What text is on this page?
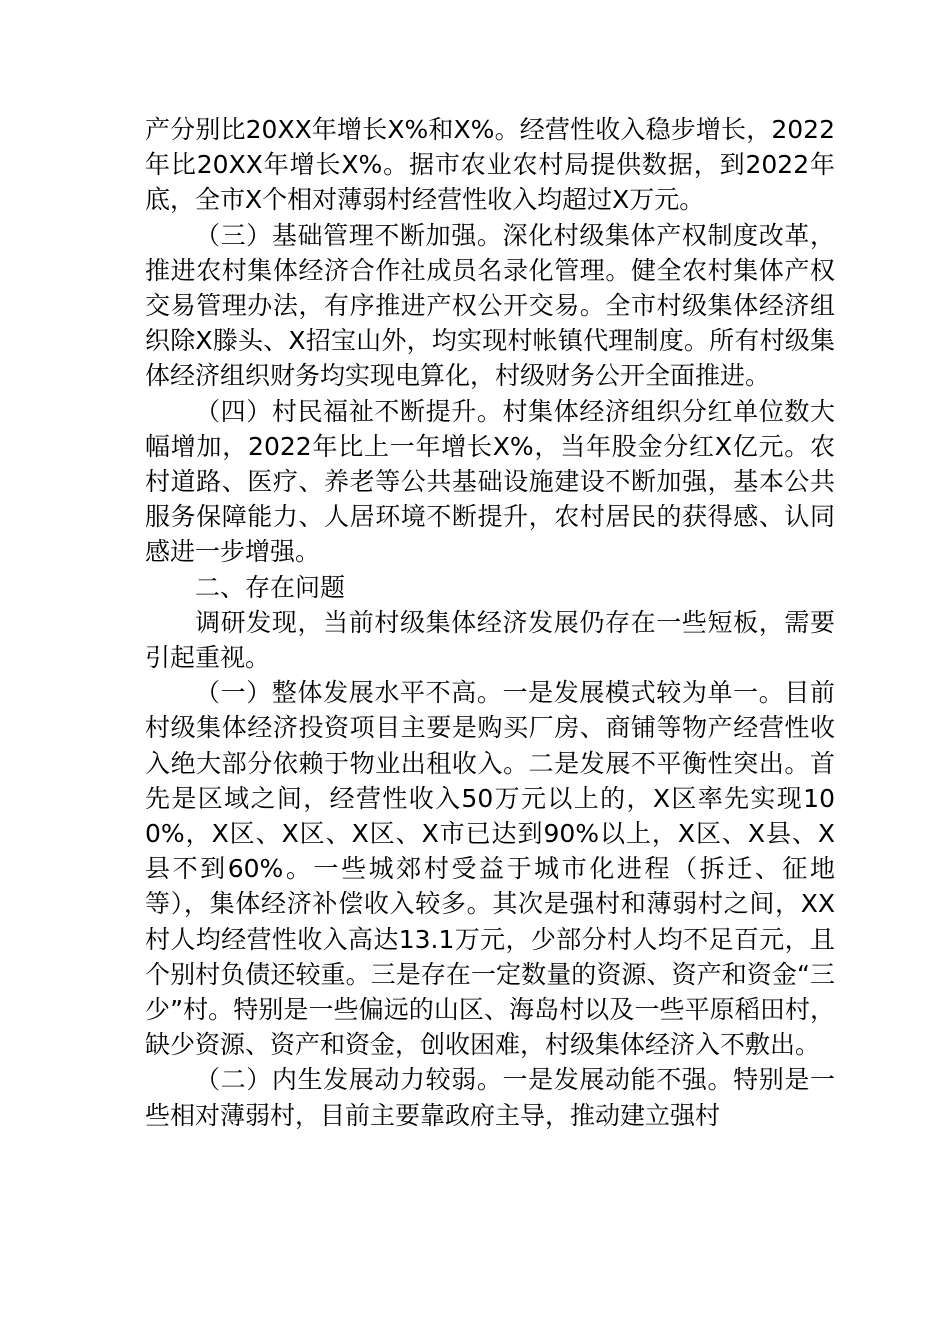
产分别比20XX年增长X%和X%。经营性收入稳步增长，2022年比20XX年增长X%。据市农业农村局提供数据，到2022年底，全市X个相对薄弱村经营性收入均超过X万元。

（三）基础管理不断加强。深化村级集体产权制度改革，推进农村集体经济合作社成员名录化管理。健全农村集体产权交易管理办法，有序推进产权公开交易。全市村级集体经济组织除X滕头、X招宝山外，均实现村帐镇代理制度。所有村级集体经济组织财务均实现电算化，村级财务公开全面推进。

（四）村民福祉不断提升。村集体经济组织分红单位数大幅增加，2022年比上一年增长X%，当年股金分红X亿元。农村道路、医疗、养老等公共基础设施建设不断加强，基本公共服务保障能力、人居环境不断提升，农村居民的获得感、认同感进一步增强。

二、存在问题

调研发现，当前村级集体经济发展仍存在一些短板，需要引起重视。

（一）整体发展水平不高。一是发展模式较为单一。目前村级集体经济投资项目主要是购买厂房、商铺等物产经营性收入绝大部分依赖于物业出租收入。二是发展不平衡性突出。首先是区域之间，经营性收入50万元以上的，X区率先实现100%，X区、X区、X区、X市已达到90%以上，X区、X县、X县不到60%。一些城郊村受益于城市化进程（拆迁、征地等），集体经济补偿收入较多。其次是强村和薄弱村之间，XX村人均经营性收入高达13.1万元，少部分村人均不足百元，且个别村负债还较重。三是存在一定数量的资源、资产和资金“三少”村。特别是一些偏远的山区、海岛村以及一些平原稻田村，缺少资源、资产和资金，创收困难，村级集体经济入不敷出。

（二）内生发展动力较弱。一是发展动能不强。特别是一些相对薄弱村，目前主要靠政府主导，推动建立强村
